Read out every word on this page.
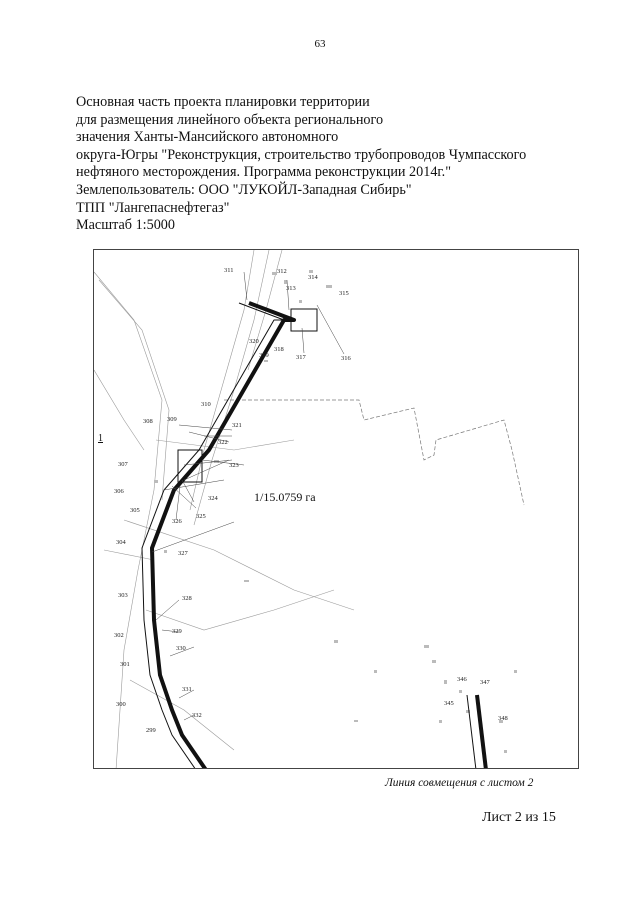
63
Основная часть проекта планировки территории
для размещения линейного объекта регионального
значения Ханты-Мансийского автономного
округа-Югры "Реконструкция, строительство трубопроводов Чумпасского
нефтяного месторождения. Программа реконструкции 2014г."
Землепользователь: ООО "ЛУКОЙЛ-Западная Сибирь"
ТПП "Лангепаснефтегаз"
Масштаб 1:5000
1
311	312
313
314
315
316
317
318
319
320
310
309
308
321
322
323
307
306
324
325
326
305
304
327
303	328
302
329
330
301
331
300
332
299
346 347
345
348
1/15.0759 га
Линия совмещения с листом 2
Лист 2 из 15
